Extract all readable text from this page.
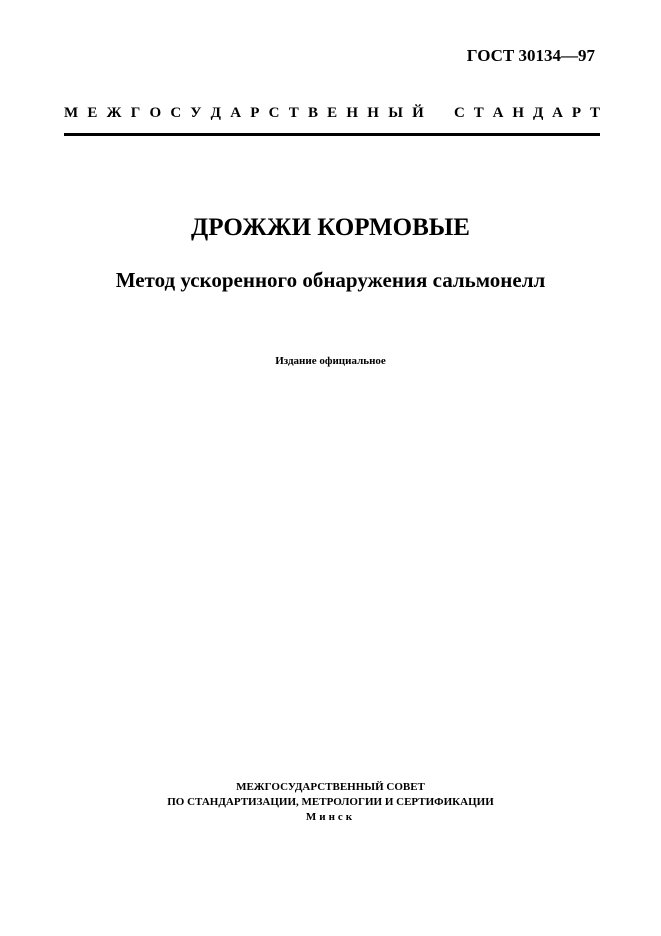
ГОСТ 30134—97
М Е Ж Г О С У Д А Р С Т В Е Н Н Ы Й С Т А Н Д А Р Т
ДРОЖЖИ КОРМОВЫЕ
Метод ускоренного обнаружения сальмонелл
Издание официальное
МЕЖГОСУДАРСТВЕННЫЙ СОВЕТ
ПО СТАНДАРТИЗАЦИИ, МЕТРОЛОГИИ И СЕРТИФИКАЦИИ
Минск
